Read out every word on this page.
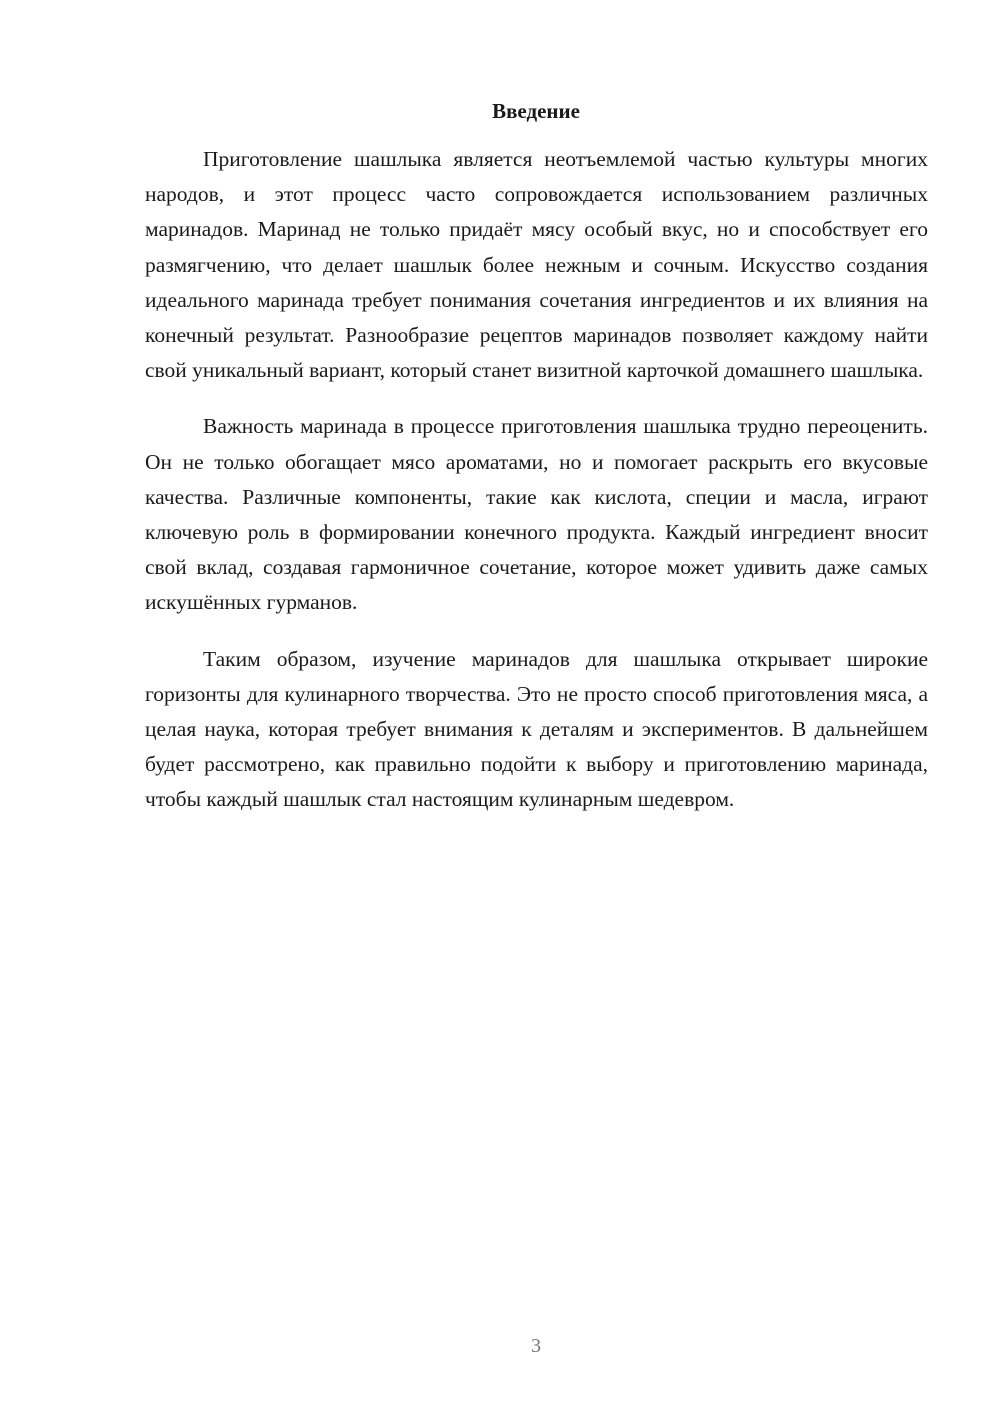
Введение

Приготовление шашлыка является неотъемлемой частью культуры многих народов, и этот процесс часто сопровождается использованием различных маринадов. Маринад не только придаёт мясу особый вкус, но и способствует его размягчению, что делает шашлык более нежным и сочным. Искусство создания идеального маринада требует понимания сочетания ингредиентов и их влияния на конечный результат. Разнообразие рецептов маринадов позволяет каждому найти свой уникальный вариант, который станет визитной карточкой домашнего шашлыка.

Важность маринада в процессе приготовления шашлыка трудно переоценить. Он не только обогащает мясо ароматами, но и помогает раскрыть его вкусовые качества. Различные компоненты, такие как кислота, специи и масла, играют ключевую роль в формировании конечного продукта. Каждый ингредиент вносит свой вклад, создавая гармоничное сочетание, которое может удивить даже самых искушённых гурманов.

Таким образом, изучение маринадов для шашлыка открывает широкие горизонты для кулинарного творчества. Это не просто способ приготовления мяса, а целая наука, которая требует внимания к деталям и экспериментов. В дальнейшем будет рассмотрено, как правильно подойти к выбору и приготовлению маринада, чтобы каждый шашлык стал настоящим кулинарным шедевром.

3
